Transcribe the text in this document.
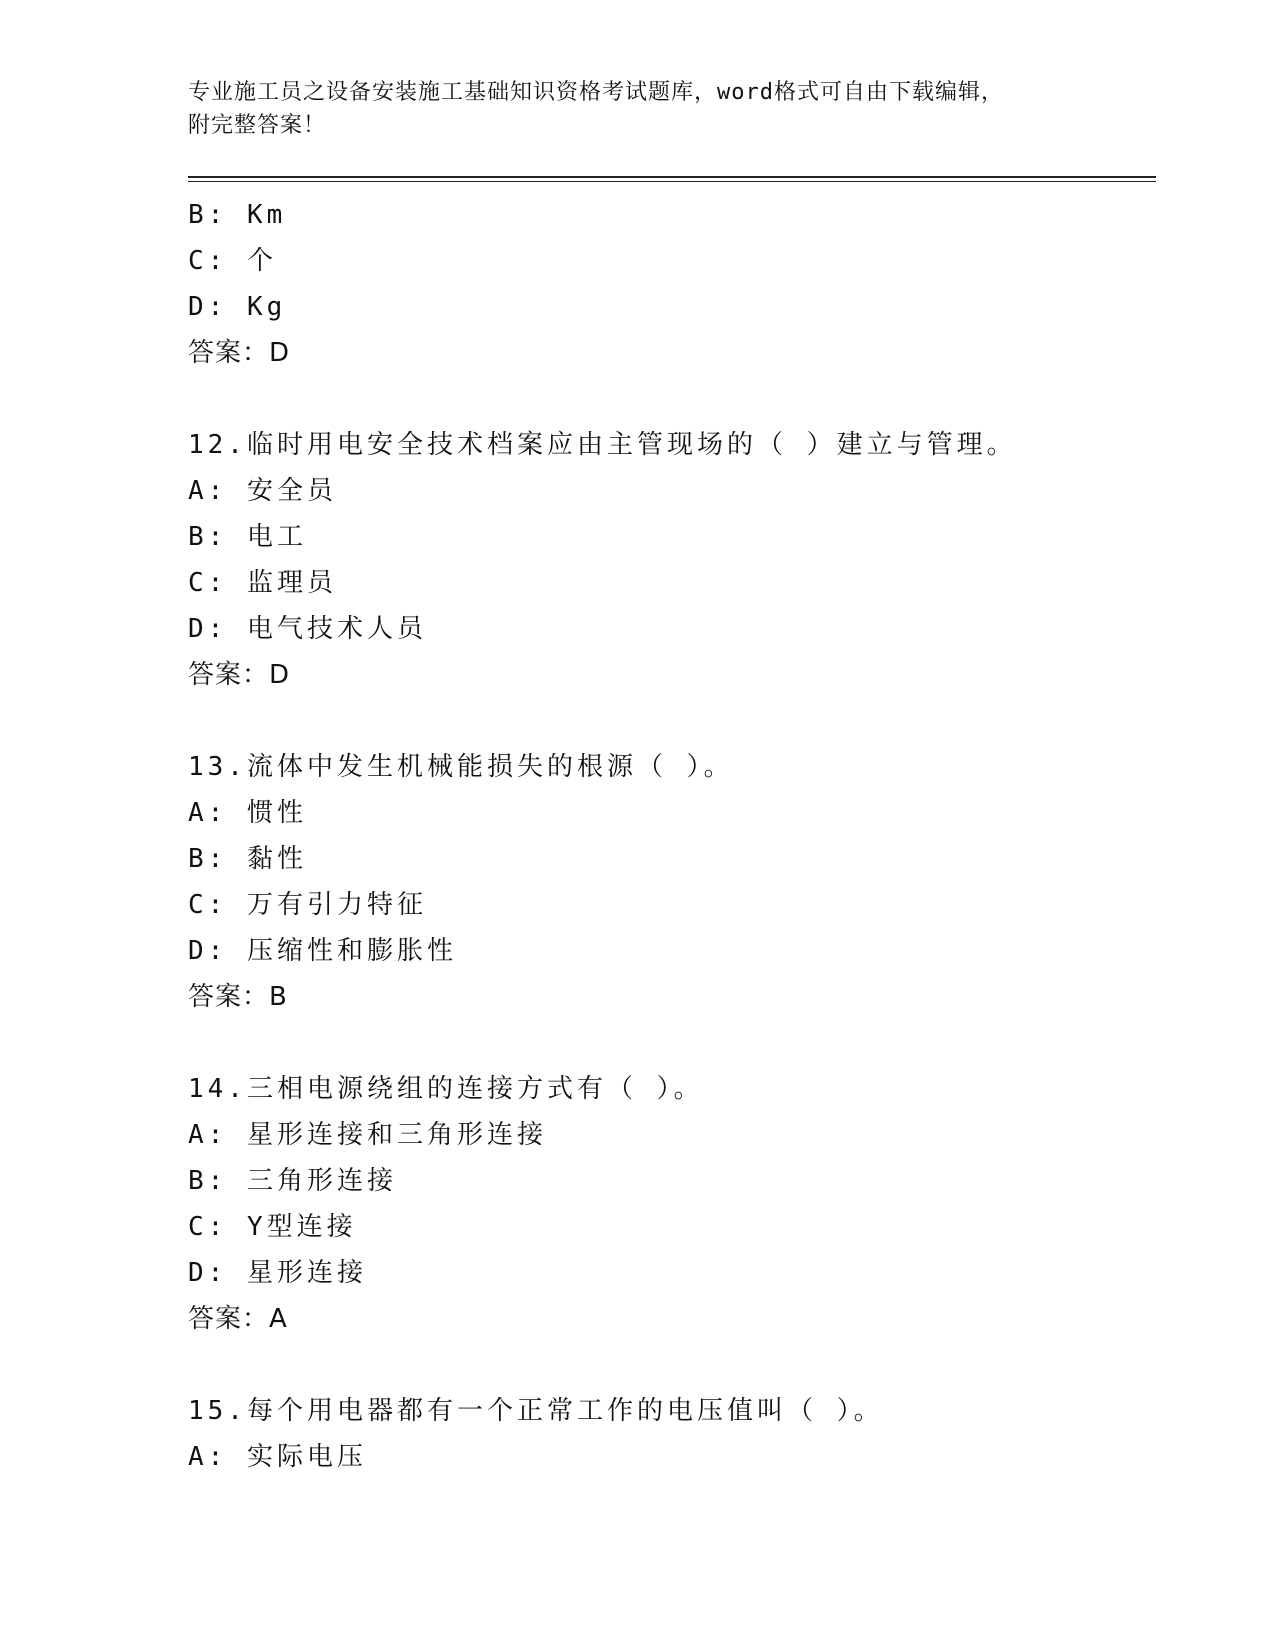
专业施工员之设备安装施工基础知识资格考试题库，word格式可自由下载编辑，
附完整答案！
B: Km
C: 个
D: Kg
答案：D
12.临时用电安全技术档案应由主管现场的（ ）建立与管理。
A: 安全员
B: 电工
C: 监理员
D: 电气技术人员
答案：D
13.流体中发生机械能损失的根源（ ）。
A: 惯性
B: 黏性
C: 万有引力特征
D: 压缩性和膨胀性
答案：B
14.三相电源绕组的连接方式有（ ）。
A: 星形连接和三角形连接
B: 三角形连接
C: Y型连接
D: 星形连接
答案：A
15.每个用电器都有一个正常工作的电压值叫（ ）。
A: 实际电压
